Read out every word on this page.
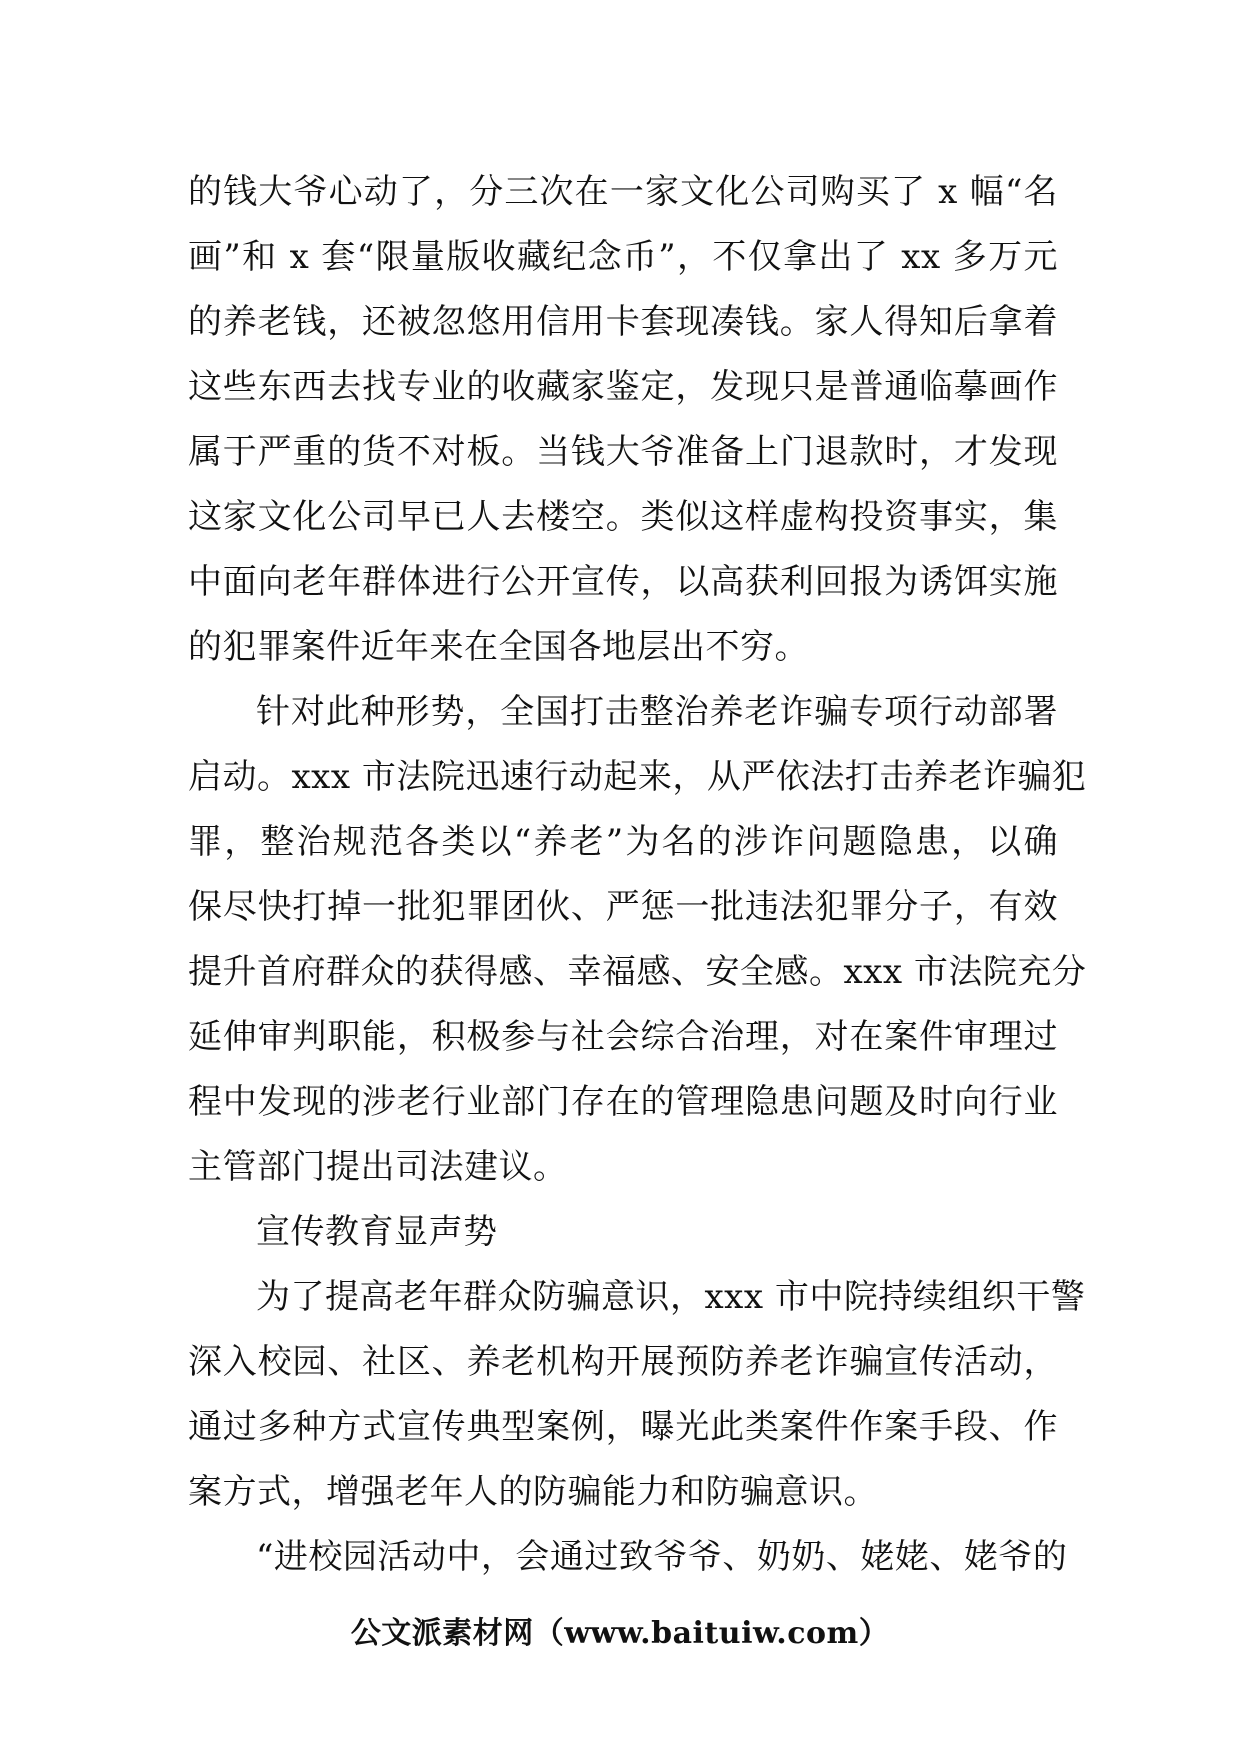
的钱大爷心动了，分三次在一家文化公司购买了 x 幅“名
画”和 x 套“限量版收藏纪念币”，不仅拿出了 xx 多万元
的养老钱，还被忽悠用信用卡套现凑钱。家人得知后拿着
这些东西去找专业的收藏家鉴定，发现只是普通临摹画作
属于严重的货不对板。当钱大爷准备上门退款时，才发现
这家文化公司早已人去楼空。类似这样虚构投资事实，集
中面向老年群体进行公开宣传，以高获利回报为诱饵实施
的犯罪案件近年来在全国各地层出不穷。
针对此种形势，全国打击整治养老诈骗专项行动部署
启动。xxx 市法院迅速行动起来，从严依法打击养老诈骗犯
罪，整治规范各类以“养老”为名的涉诈问题隐患，以确
保尽快打掉一批犯罪团伙、严惩一批违法犯罪分子，有效
提升首府群众的获得感、幸福感、安全感。xxx 市法院充分
延伸审判职能，积极参与社会综合治理，对在案件审理过
程中发现的涉老行业部门存在的管理隐患问题及时向行业
主管部门提出司法建议。
宣传教育显声势
为了提高老年群众防骗意识，xxx 市中院持续组织干警
深入校园、社区、养老机构开展预防养老诈骗宣传活动，
通过多种方式宣传典型案例，曝光此类案件作案手段、作
案方式，增强老年人的防骗能力和防骗意识。
“进校园活动中，会通过致爷爷、奶奶、姥姥、姥爷的
公文派素材网（www.baituiw.com）
